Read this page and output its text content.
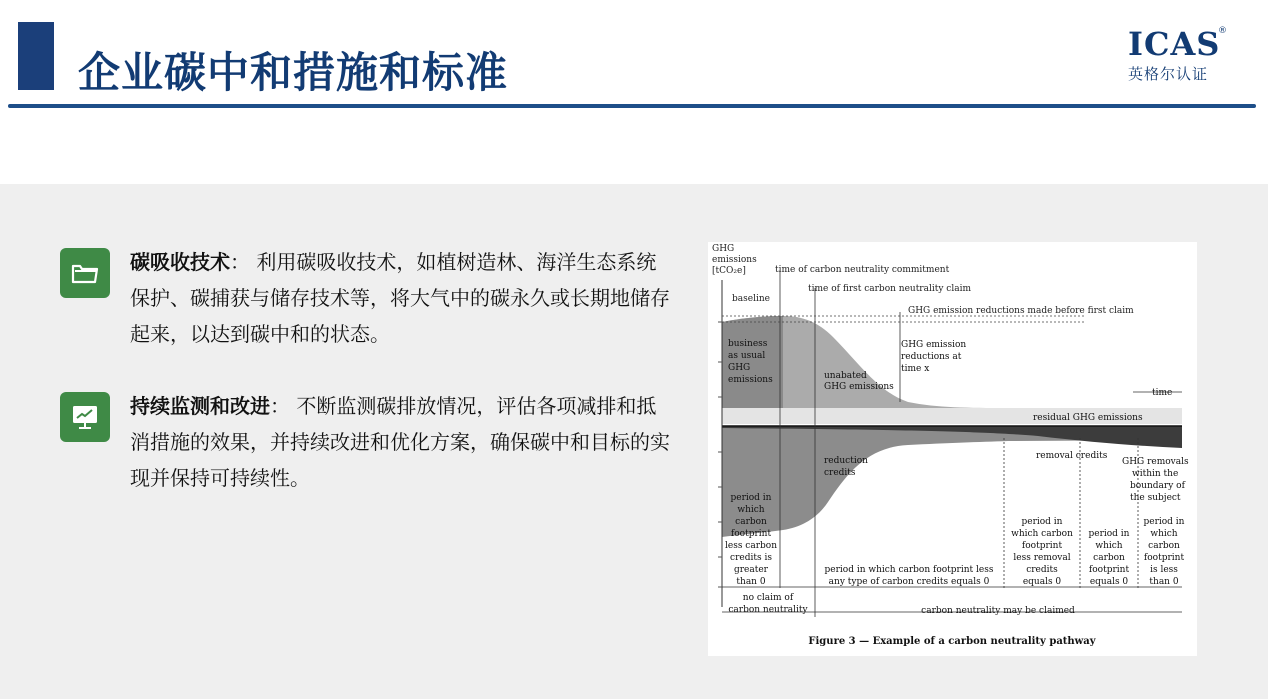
企业碳中和措施和标准
ICAS
®
英格尔认证
碳吸收技术： 利用碳吸收技术，如植树造林、海洋生态系统保护、碳捕获与储存技术等，将大气中的碳永久或长期地储存起来，以达到碳中和的状态。
持续监测和改进： 不断监测碳排放情况，评估各项减排和抵消措施的效果，并持续改进和优化方案，确保碳中和目标的实现并保持可持续性。
GHG
emissions
[tCO₂e]	time of carbon neutrality commitment
time of first carbon neutrality claim
baseline
GHG emission reductions made before first claim
business
as usual
GHG
emissions	unabated
GHG emissions
GHG emission
reductions at
time x
time
residual GHG emissions
reduction
credits
removal credits
GHG removals
within the
boundary of
the subject
period in
which
carbon
footprint
less carbon
credits is
greater
than 0
period in which carbon footprint less
any type of carbon credits equals 0
period in
which carbon
footprint
less removal
credits
equals 0
period in
which
carbon
footprint
equals 0
period in
which
carbon
footprint
is less
than 0
no claim of
carbon neutrality	carbon neutrality may be claimed
Figure 3 — Example of a carbon neutrality pathway
